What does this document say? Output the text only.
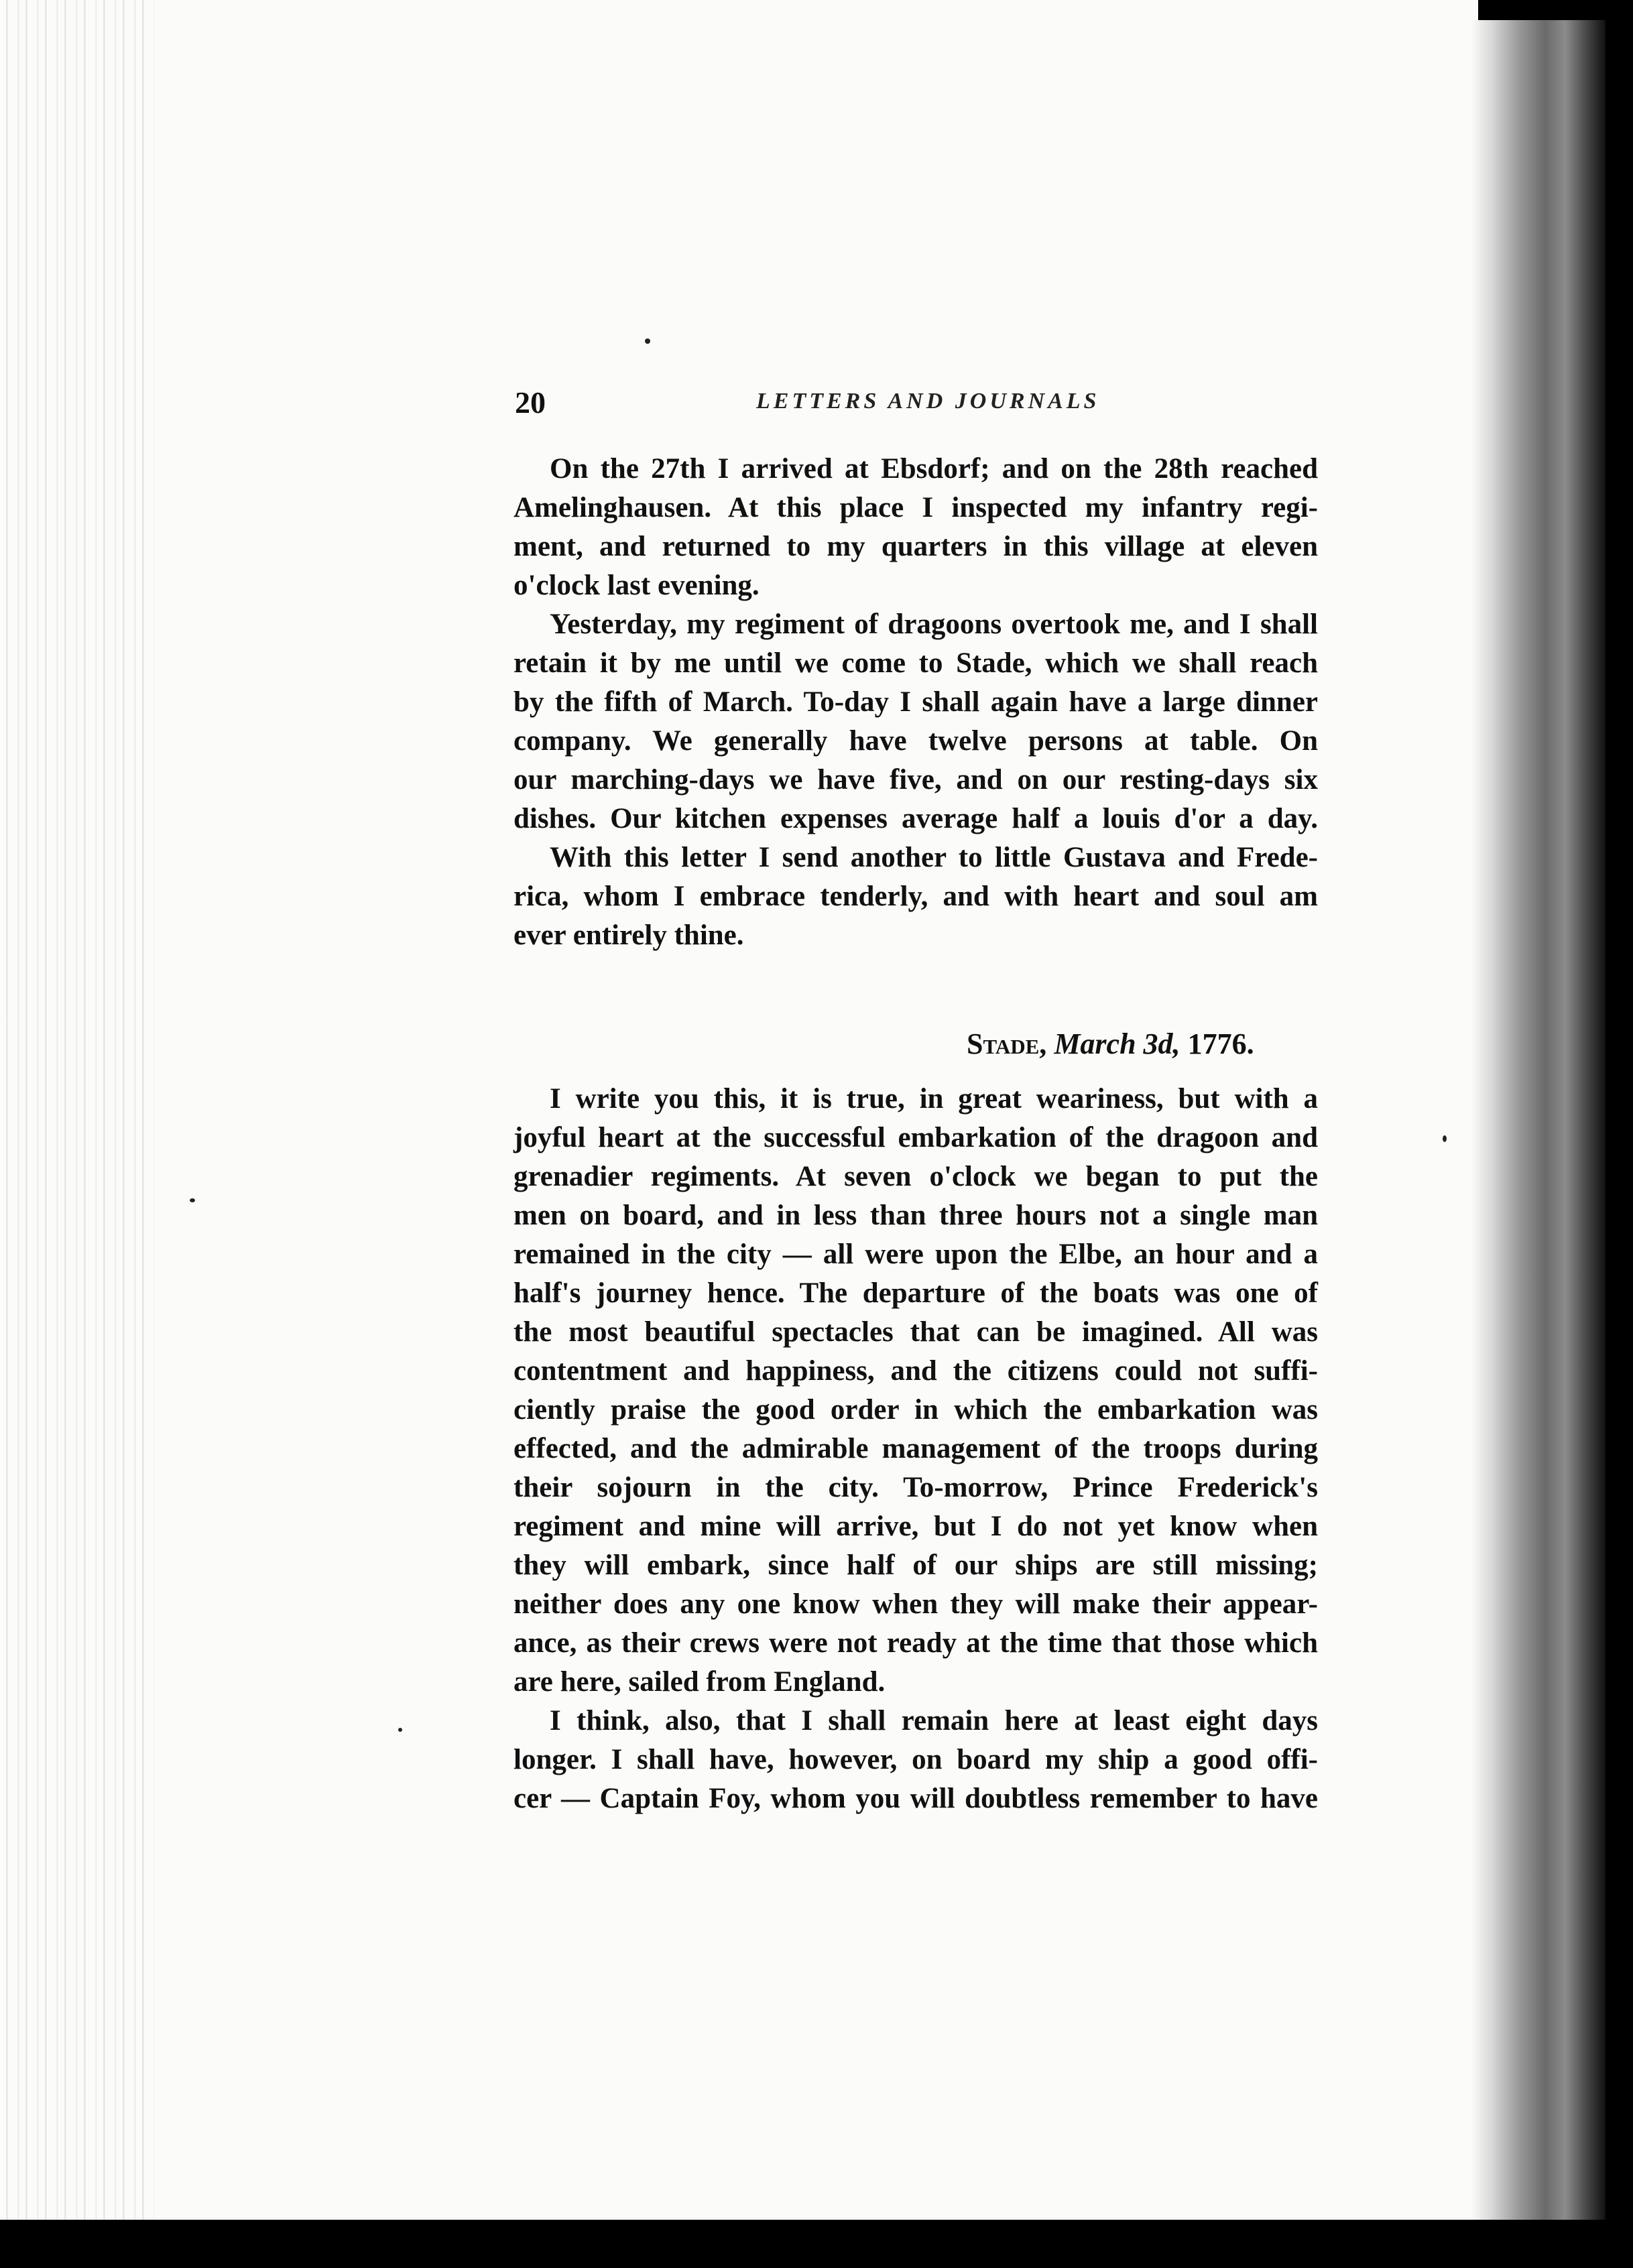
20	LETTERS AND JOURNALS
On the 27th I arrived at Ebsdorf; and on the 28th reached
Amelinghausen. At this place I inspected my infantry regi-
ment, and returned to my quarters in this village at eleven
o'clock last evening.
Yesterday, my regiment of dragoons overtook me, and I shall
retain it by me until we come to Stade, which we shall reach
by the fifth of March. To-day I shall again have a large dinner
company. We generally have twelve persons at table. On
our marching-days we have five, and on our resting-days six
dishes. Our kitchen expenses average half a louis d'or a day.
With this letter I send another to little Gustava and Frede-
rica, whom I embrace tenderly, and with heart and soul am
ever entirely thine.
Stade, March 3d, 1776.
I write you this, it is true, in great weariness, but with a
joyful heart at the successful embarkation of the dragoon and
grenadier regiments. At seven o'clock we began to put the
men on board, and in less than three hours not a single man
remained in the city — all were upon the Elbe, an hour and a
half's journey hence. The departure of the boats was one of
the most beautiful spectacles that can be imagined. All was
contentment and happiness, and the citizens could not suffi-
ciently praise the good order in which the embarkation was
effected, and the admirable management of the troops during
their sojourn in the city. To-morrow, Prince Frederick's
regiment and mine will arrive, but I do not yet know when
they will embark, since half of our ships are still missing;
neither does any one know when they will make their appear-
ance, as their crews were not ready at the time that those which
are here, sailed from England.
I think, also, that I shall remain here at least eight days
longer. I shall have, however, on board my ship a good offi-
cer — Captain Foy, whom you will doubtless remember to have
